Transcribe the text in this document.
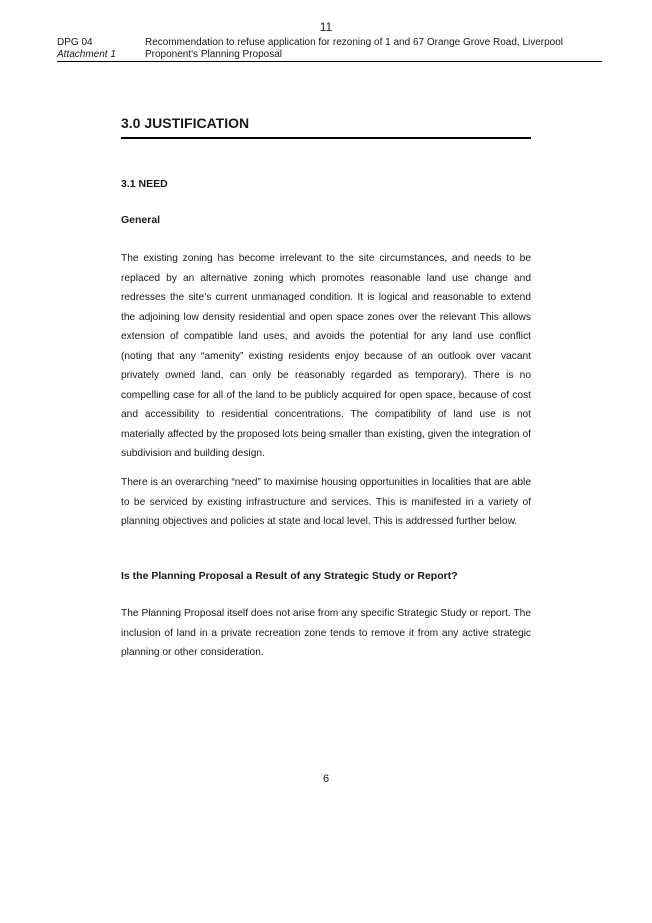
11
DPG 04
Attachment 1
Recommendation to refuse application for rezoning of 1 and 67 Orange Grove Road, Liverpool
Proponent's Planning Proposal
3.0 JUSTIFICATION
3.1 NEED
General

The existing zoning has become irrelevant to the site circumstances, and needs to be replaced by an alternative zoning which promotes reasonable land use change and redresses the site’s current unmanaged condition. It is logical and reasonable to extend the adjoining low density residential and open space zones over the relevant This allows extension of compatible land uses, and avoids the potential for any land use conflict (noting that any “amenity” existing residents enjoy because of an outlook over vacant privately owned land, can only be reasonably regarded as temporary). There is no compelling case for all of the land to be publicly acquired for open space, because of cost and accessibility to residential concentrations. The compatibility of land use is not materially affected by the proposed lots being smaller than existing, given the integration of subdivision and building design.

There is an overarching “need” to maximise housing opportunities in localities that are able to be serviced by existing infrastructure and services. This is manifested in a variety of planning objectives and policies at state and local level. This is addressed further below.

Is the Planning Proposal a Result of any Strategic Study or Report?

The Planning Proposal itself does not arise from any specific Strategic Study or report. The inclusion of land in a private recreation zone tends to remove it from any active strategic planning or other consideration.

6
